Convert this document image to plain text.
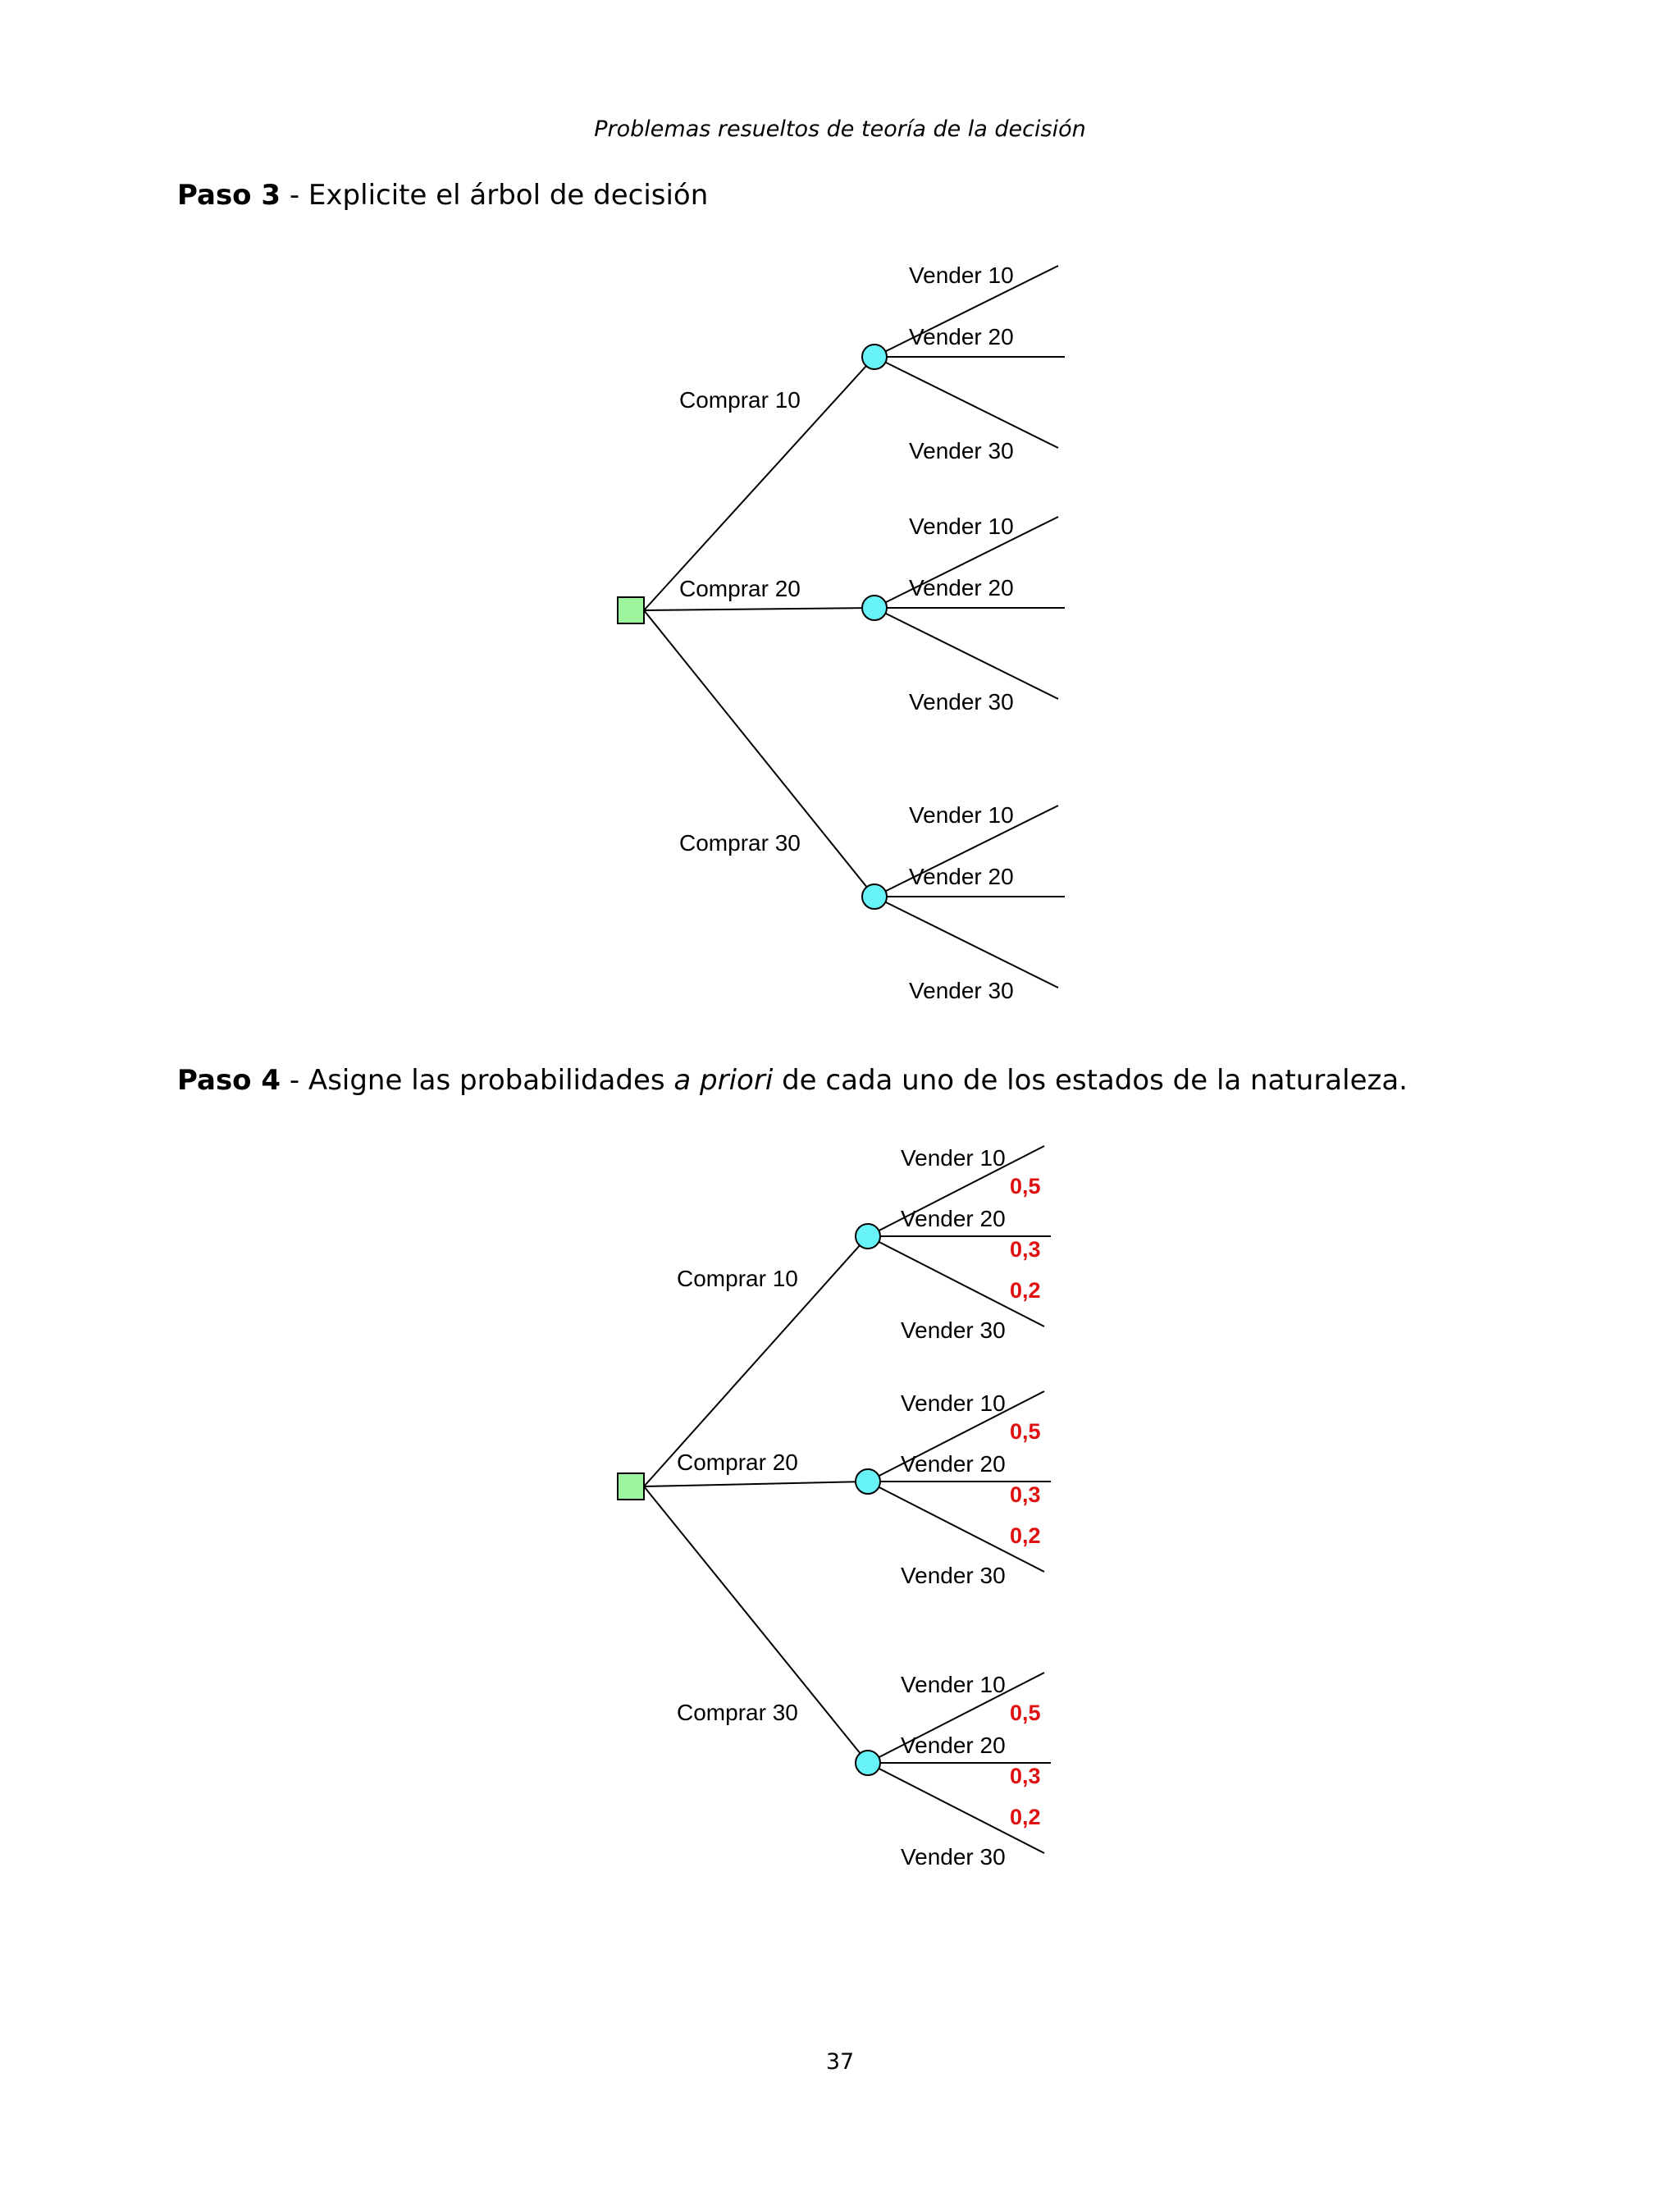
Problemas resueltos de teoría de la decisión
Paso 3 - Explicite el árbol de decisión
Paso 4 - Asigne las probabilidades a priori de cada uno de los estados de la naturaleza.
Comprar 10
Vender 10
Vender 20
Vender 30
Comprar 20
Vender 10
Vender 20
Vender 30
Comprar 30
Vender 10
Vender 20
Vender 30
Comprar 10
Vender 10
Vender 20
Vender 30
0,5
0,3
0,2
Comprar 20
Vender 10
Vender 20
Vender 30
0,5
0,3
0,2
Comprar 30
Vender 10
Vender 20
Vender 30
0,5
0,3
0,2
37
